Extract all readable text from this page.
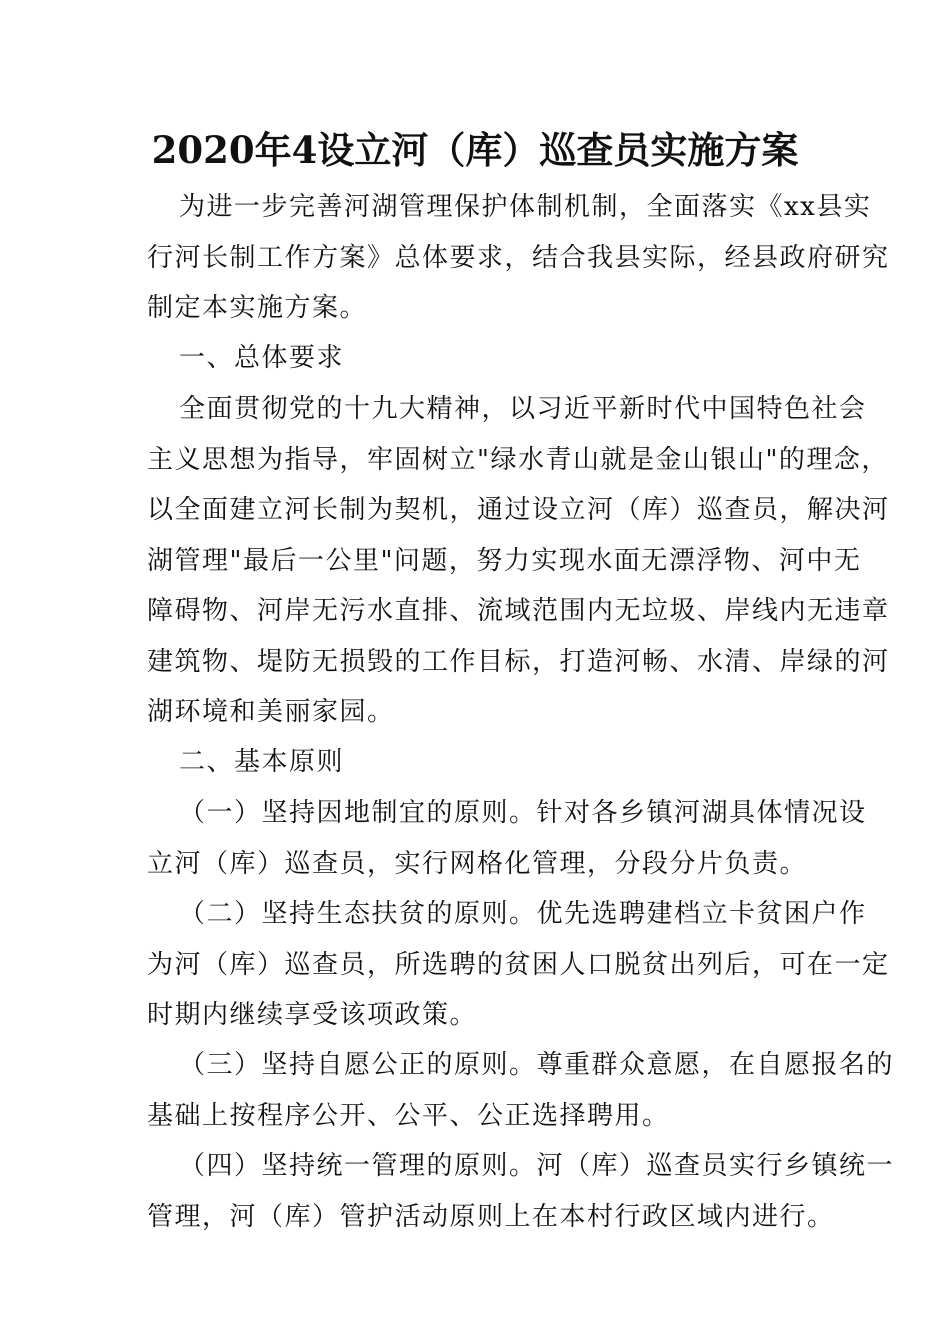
2020年4设立河（库）巡查员实施方案
为进一步完善河湖管理保护体制机制，全面落实《xx县实
行河长制工作方案》总体要求，结合我县实际，经县政府研究
制定本实施方案。
一、总体要求
全面贯彻党的十九大精神，以习近平新时代中国特色社会
主义思想为指导，牢固树立"绿水青山就是金山银山"的理念，
以全面建立河长制为契机，通过设立河（库）巡查员，解决河
湖管理"最后一公里"问题，努力实现水面无漂浮物、河中无
障碍物、河岸无污水直排、流域范围内无垃圾、岸线内无违章
建筑物、堤防无损毁的工作目标，打造河畅、水清、岸绿的河
湖环境和美丽家园。
二、基本原则
（一）坚持因地制宜的原则。针对各乡镇河湖具体情况设
立河（库）巡查员，实行网格化管理，分段分片负责。
（二）坚持生态扶贫的原则。优先选聘建档立卡贫困户作
为河（库）巡查员，所选聘的贫困人口脱贫出列后，可在一定
时期内继续享受该项政策。
（三）坚持自愿公正的原则。尊重群众意愿，在自愿报名的
基础上按程序公开、公平、公正选择聘用。
（四）坚持统一管理的原则。河（库）巡查员实行乡镇统一
管理，河（库）管护活动原则上在本村行政区域内进行。
